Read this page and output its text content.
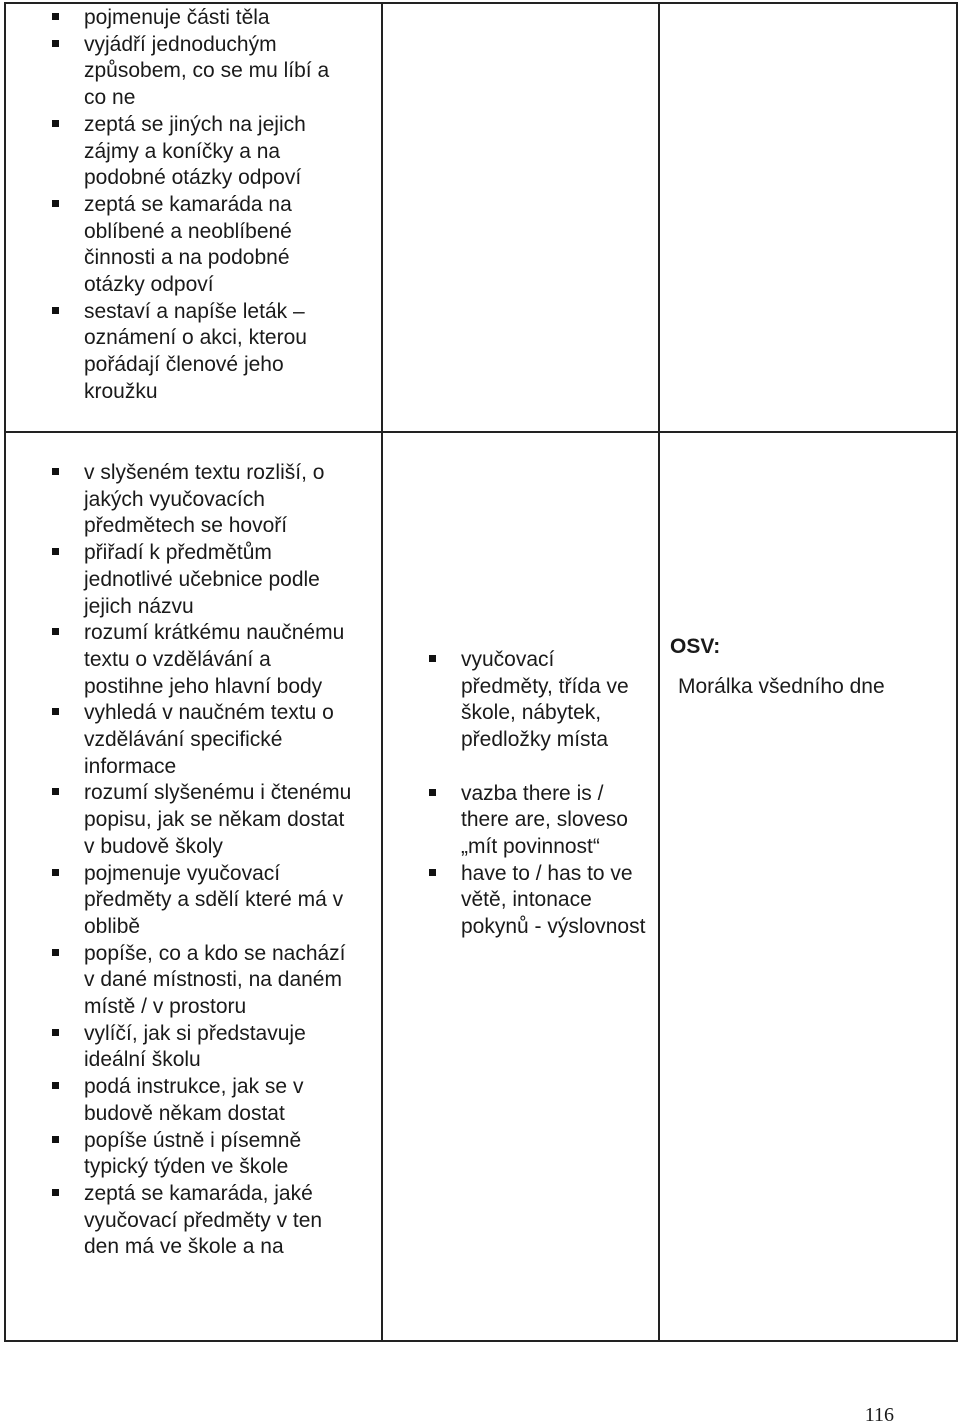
pojmenuje části těla
vyjádří jednoduchým způsobem, co se mu líbí a co ne
zeptá se jiných na jejich zájmy a koníčky a na podobné otázky odpoví
zeptá se kamaráda na oblíbené a neoblíbené činnosti a na podobné otázky odpoví
sestaví a napíše leták – oznámení o akci, kterou pořádají členové jeho kroužku
v slyšeném textu rozliší, o jakých vyučovacích předmětech se hovoří
přiřadí k předmětům jednotlivé učebnice podle jejich názvu
rozumí krátkému naučnému textu o vzdělávání a postihne jeho hlavní body
vyhledá v naučném textu o vzdělávání specifické informace
rozumí slyšenému i čtenému popisu, jak se někam dostat v budově školy
pojmenuje vyučovací předměty a sdělí které má v oblibě
popíše, co a kdo se nachází v dané místnosti, na daném místě / v prostoru
vylíčí, jak si představuje ideální školu
podá instrukce, jak se v budově někam dostat
popíše ústně i písemně typický týden ve škole
zeptá se kamaráda, jaké vyučovací předměty v ten den má ve škole a na
vyučovací předměty, třída ve škole, nábytek, předložky místa
vazba there is / there are, sloveso „mít povinnost“
have to / has to ve větě, intonace pokynů - výslovnost
OSV:
Morálka všedního dne
116
